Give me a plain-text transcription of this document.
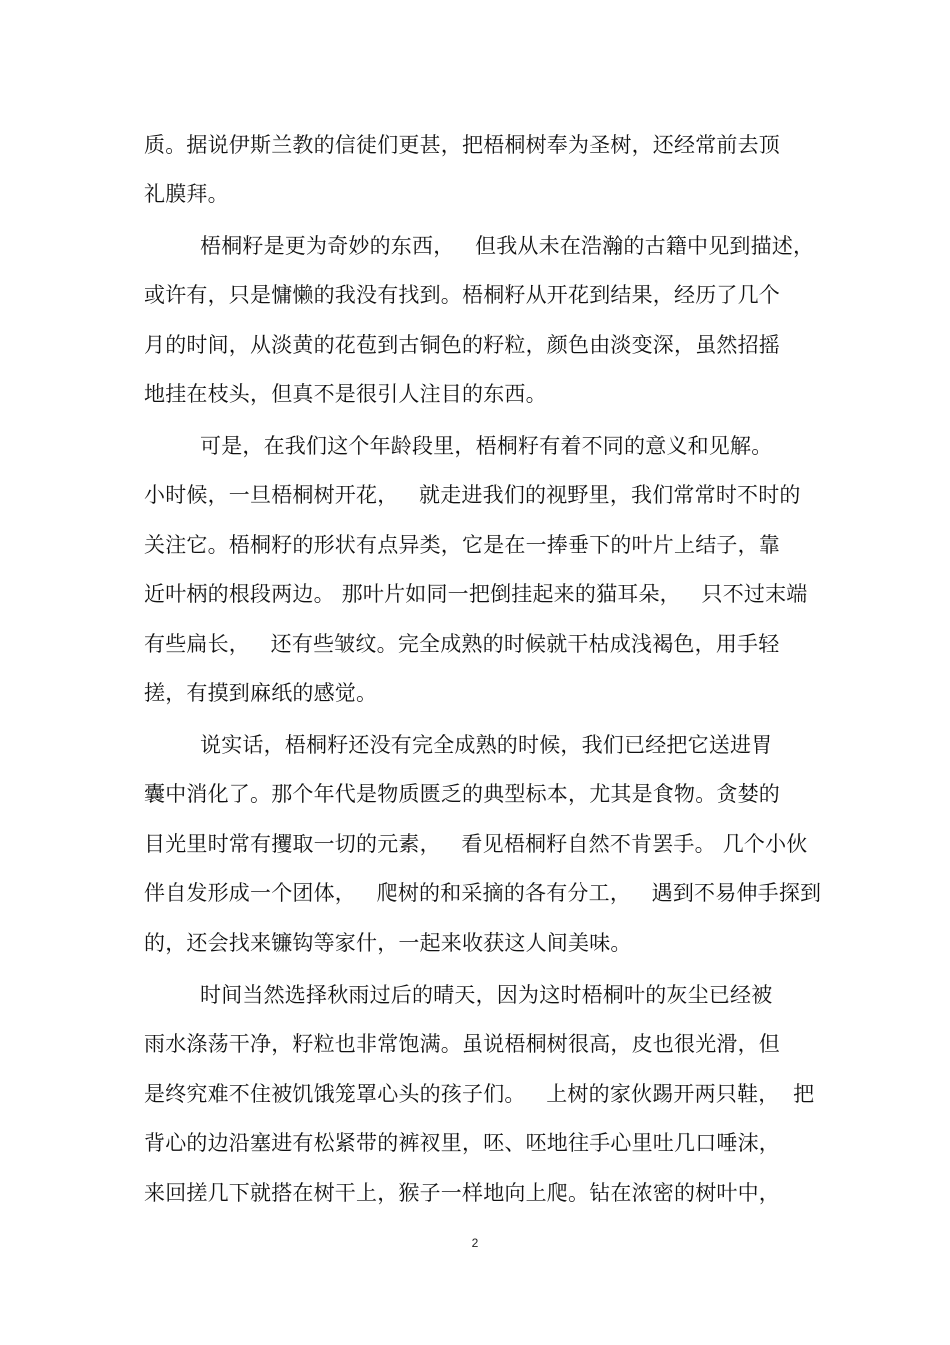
质。据说伊斯兰教的信徒们更甚，把梧桐树奉为圣树，还经常前去顶
礼膜拜。
梧桐籽是更为奇妙的东西，   但我从未在浩瀚的古籍中见到描述，
或许有，只是慵懒的我没有找到。梧桐籽从开花到结果，经历了几个
月的时间，从淡黄的花苞到古铜色的籽粒，颜色由淡变深，虽然招摇
地挂在枝头，但真不是很引人注目的东西。
可是，在我们这个年龄段里，梧桐籽有着不同的意义和见解。
小时候，一旦梧桐树开花，   就走进我们的视野里，我们常常时不时的
关注它。梧桐籽的形状有点异类，它是在一捧垂下的叶片上结子，靠
近叶柄的根段两边。 那叶片如同一把倒挂起来的猫耳朵，   只不过末端
有些扁长，   还有些皱纹。完全成熟的时候就干枯成浅褐色，用手轻
搓，有摸到麻纸的感觉。
说实话，梧桐籽还没有完全成熟的时候，我们已经把它送进胃
囊中消化了。那个年代是物质匮乏的典型标本，尤其是食物。贪婪的
目光里时常有攫取一切的元素，   看见梧桐籽自然不肯罢手。 几个小伙
伴自发形成一个团体，   爬树的和采摘的各有分工，   遇到不易伸手探到
的，还会找来镰钩等家什，一起来收获这人间美味。
时间当然选择秋雨过后的晴天，因为这时梧桐叶的灰尘已经被
雨水涤荡干净，籽粒也非常饱满。虽说梧桐树很高，皮也很光滑，但
是终究难不住被饥饿笼罩心头的孩子们。   上树的家伙踢开两只鞋，  把
背心的边沿塞进有松紧带的裤衩里，呸、呸地往手心里吐几口唾沫，
来回搓几下就搭在树干上，猴子一样地向上爬。钻在浓密的树叶中，
2
